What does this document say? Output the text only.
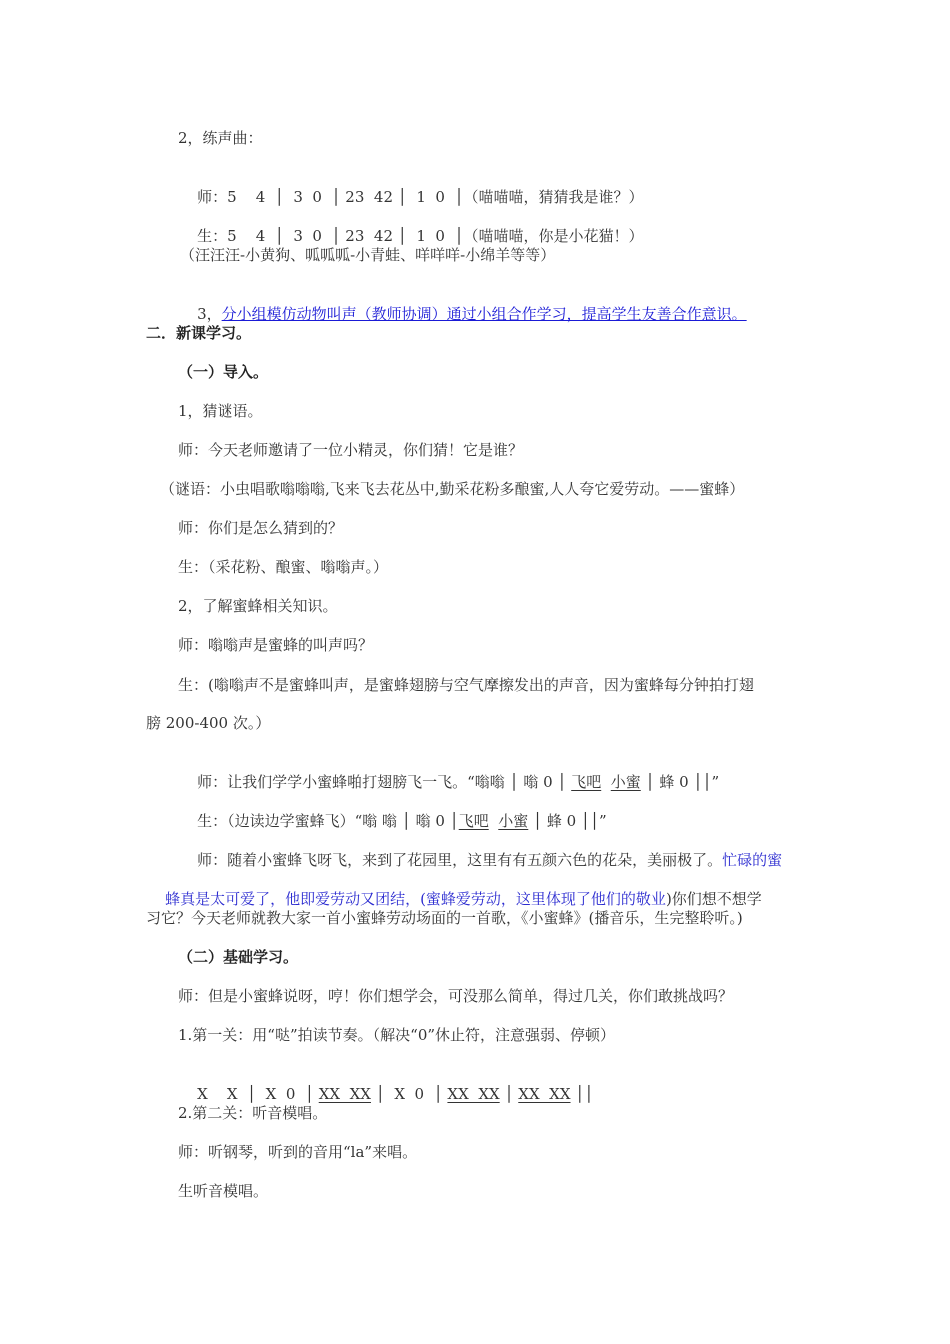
2，练声曲：

师：5    4  │  3  0  │ 23  42 │  1  0  │（喵喵喵，猜猜我是谁？）

生：5    4  │  3  0  │ 23  42 │  1  0  │（喵喵喵，你是小花猫！）

（汪汪汪-小黄狗、呱呱呱-小青蛙、咩咩咩-小绵羊等等）

3，分小组模仿动物叫声（教师协调）通过小组合作学习，提高学生友善合作意识。

二．新课学习。
（一）导入。
1，猜谜语。
师：今天老师邀请了一位小精灵，你们猜！它是谁？
（谜语：小虫唱歌嗡嗡嗡,飞来飞去花丛中,勤采花粉多酿蜜,人人夸它爱劳动。——蜜蜂）
师：你们是怎么猜到的？
生：（采花粉、酿蜜、嗡嗡声。）
2，了解蜜蜂相关知识。
师：嗡嗡声是蜜蜂的叫声吗？
生：(嗡嗡声不是蜜蜂叫声，是蜜蜂翅膀与空气摩擦发出的声音，因为蜜蜂每分钟拍打翅
膀 200-400 次。）

师：让我们学学小蜜蜂啪打翅膀飞一飞。“嗡嗡 │ 嗡 0 │ 飞吧 小蜜 │ 蜂 0 ││”

生：（边读边学蜜蜂飞）“嗡 嗡 │ 嗡 0 │飞吧 小蜜 │ 蜂 0 ││”

师：随着小蜜蜂飞呀飞，来到了花园里，这里有有五颜六色的花朵，美丽极了。忙碌的蜜

蜂真是太可爱了，他即爱劳动又团结，(蜜蜂爱劳动，这里体现了他们的敬业)你们想不想学

习它？今天老师就教大家一首小蜜蜂劳动场面的一首歌，《小蜜蜂》(播音乐，生完整聆听。)
（二）基础学习。
师：但是小蜜蜂说呀，哼！你们想学会，可没那么简单，得过几关，你们敢挑战吗？
1.第一关：用“哒”拍读节奏。（解决“0”休止符，注意强弱、停顿）

X    X  │  X  0  │ XX  XX │  X  0  │ XX  XX │ XX  XX ││

2.第二关：听音模唱。
师：听钢琴，听到的音用“la”来唱。
生听音模唱。
